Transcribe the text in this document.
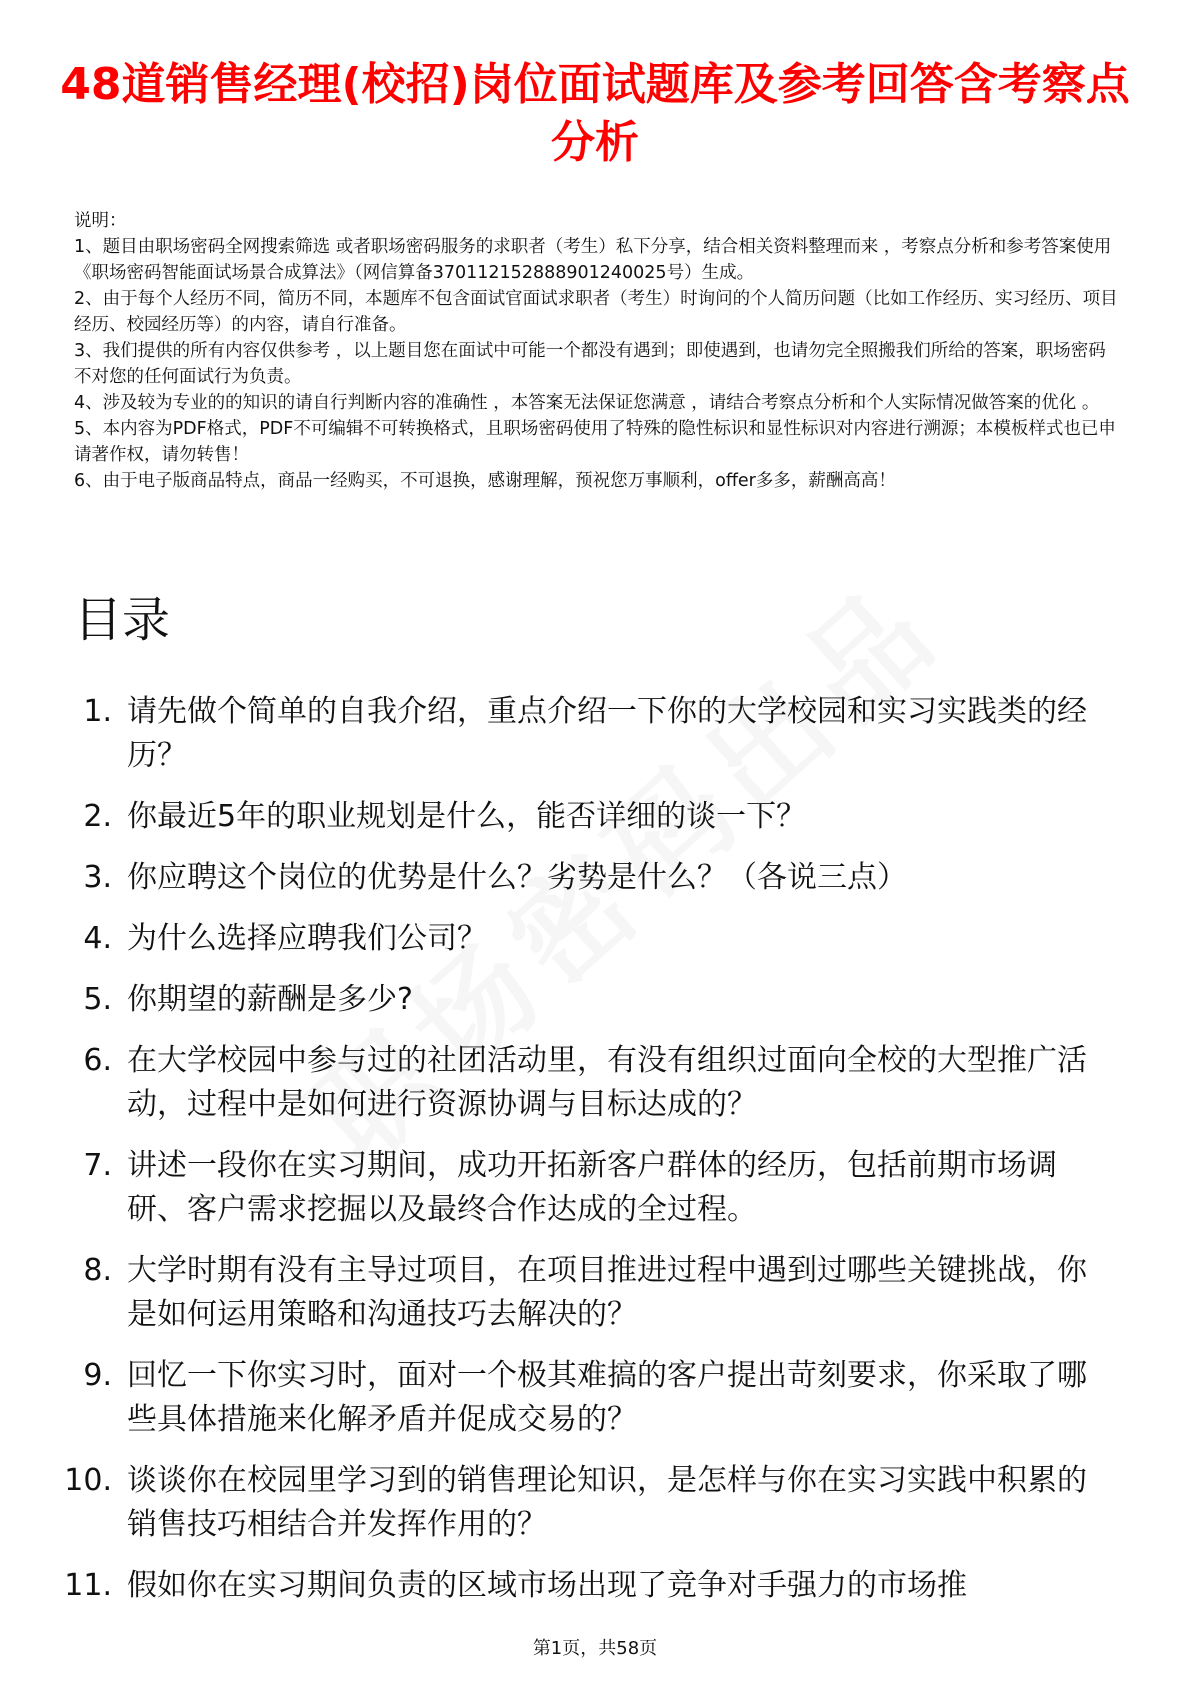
48道销售经理(校招)岗位面试题库及参考回答含考察点分析
说明：
1、题目由职场密码全网搜索筛选 或者职场密码服务的求职者（考生）私下分享，结合相关资料整理而来 ，考察点分析和参考答案使用《职场密码智能面试场景合成算法》（网信算备370112152888901240025号）生成。
2、由于每个人经历不同，简历不同，本题库不包含面试官面试求职者（考生）时询问的个人简历问题（比如工作经历、实习经历、项目经历、校园经历等）的内容，请自行准备。
3、我们提供的所有内容仅供参考 ，以上题目您在面试中可能一个都没有遇到；即使遇到，也请勿完全照搬我们所给的答案，职场密码不对您的任何面试行为负责。
4、涉及较为专业的的知识的请自行判断内容的准确性 ，本答案无法保证您满意 ，请结合考察点分析和个人实际情况做答案的优化 。
5、本内容为PDF格式，PDF不可编辑不可转换格式，且职场密码使用了特殊的隐性标识和显性标识对内容进行溯源；本模板样式也已申请著作权，请勿转售！
6、由于电子版商品特点，商品一经购买，不可退换，感谢理解，预祝您万事顺利，offer多多，薪酬高高！
目录
1. 请先做个简单的自我介绍，重点介绍一下你的大学校园和实习实践类的经历？
2. 你最近5年的职业规划是什么，能否详细的谈一下？
3. 你应聘这个岗位的优势是什么？劣势是什么？（各说三点）
4. 为什么选择应聘我们公司？
5. 你期望的薪酬是多少?
6. 在大学校园中参与过的社团活动里，有没有组织过面向全校的大型推广活动，过程中是如何进行资源协调与目标达成的？
7. 讲述一段你在实习期间，成功开拓新客户群体的经历，包括前期市场调研、客户需求挖掘以及最终合作达成的全过程。
8. 大学时期有没有主导过项目，在项目推进过程中遇到过哪些关键挑战，你是如何运用策略和沟通技巧去解决的？
9. 回忆一下你实习时，面对一个极其难搞的客户提出苛刻要求，你采取了哪些具体措施来化解矛盾并促成交易的？
10. 谈谈你在校园里学习到的销售理论知识，是怎样与你在实习实践中积累的销售技巧相结合并发挥作用的？
11. 假如你在实习期间负责的区域市场出现了竞争对手强力的市场推
第1页，共58页
